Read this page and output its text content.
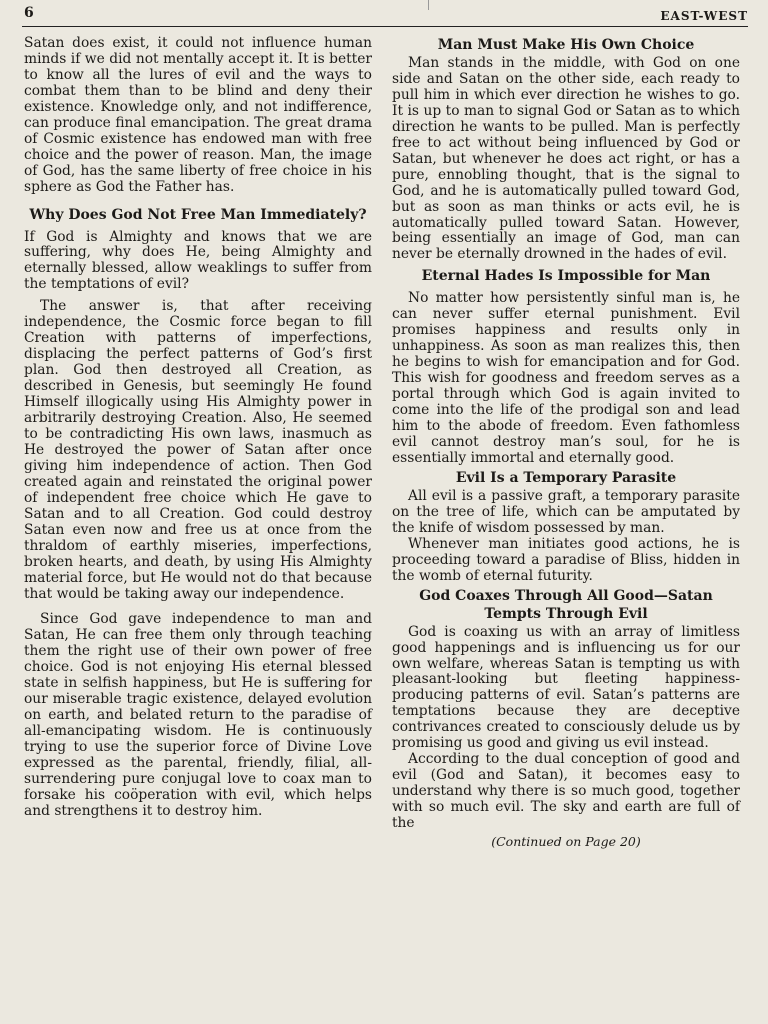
6	EAST-WEST

Satan does exist, it could not influence human minds if we did not mentally accept it. It is better to know all the lures of evil and the ways to combat them than to be blind and deny their existence. Knowledge only, and not indifference, can produce final emancipation. The great drama of Cosmic existence has endowed man with free choice and the power of reason. Man, the image of God, has the same liberty of free choice in his sphere as God the Father has.

Why Does God Not Free Man Immediately?

If God is Almighty and knows that we are suffering, why does He, being Almighty and eternally blessed, allow weaklings to suffer from the temptations of evil?

The answer is, that after receiving independence, the Cosmic force began to fill Creation with patterns of imperfections, displacing the perfect patterns of God’s first plan. God then destroyed all Creation, as described in Genesis, but seemingly He found Himself illogically using His Almighty power in arbitrarily destroying Creation. Also, He seemed to be contradicting His own laws, inasmuch as He destroyed the power of Satan after once giving him independence of action. Then God created again and reinstated the original power of independent free choice which He gave to Satan and to all Creation. God could destroy Satan even now and free us at once from the thraldom of earthly miseries, imperfections, broken hearts, and death, by using His Almighty material force, but He would not do that because that would be taking away our independence.

Since God gave independence to man and Satan, He can free them only through teaching them the right use of their own power of free choice. God is not enjoying His eternal blessed state in selfish happiness, but He is suffering for our miserable tragic existence, delayed evolution on earth, and belated return to the paradise of all-emancipating wisdom. He is continuously trying to use the superior force of Divine Love expressed as the parental, friendly, filial, all-surrendering pure conjugal love to coax man to forsake his coöperation with evil, which helps and strengthens it to destroy him.

Man Must Make His Own Choice

Man stands in the middle, with God on one side and Satan on the other side, each ready to pull him in which ever direction he wishes to go. It is up to man to signal God or Satan as to which direction he wants to be pulled. Man is perfectly free to act without being influenced by God or Satan, but whenever he does act right, or has a pure, ennobling thought, that is the signal to God, and he is automatically pulled toward God, but as soon as man thinks or acts evil, he is automatically pulled toward Satan. However, being essentially an image of God, man can never be eternally drowned in the hades of evil.

Eternal Hades Is Impossible for Man

No matter how persistently sinful man is, he can never suffer eternal punishment. Evil promises happiness and results only in unhappiness. As soon as man realizes this, then he begins to wish for emancipation and for God. This wish for goodness and freedom serves as a portal through which God is again invited to come into the life of the prodigal son and lead him to the abode of freedom. Even fathomless evil cannot destroy man’s soul, for he is essentially immortal and eternally good.

Evil Is a Temporary Parasite

All evil is a passive graft, a temporary parasite on the tree of life, which can be amputated by the knife of wisdom possessed by man.

Whenever man initiates good actions, he is proceeding toward a paradise of Bliss, hidden in the womb of eternal futurity.

God Coaxes Through All Good—Satan Tempts Through Evil

God is coaxing us with an array of limitless good happenings and is influencing us for our own welfare, whereas Satan is tempting us with pleasant-looking but fleeting happiness-producing patterns of evil. Satan’s patterns are temptations because they are deceptive contrivances created to consciously delude us by promising us good and giving us evil instead.

According to the dual conception of good and evil (God and Satan), it becomes easy to understand why there is so much good, together with so much evil. The sky and earth are full of the

(Continued on Page 20)
